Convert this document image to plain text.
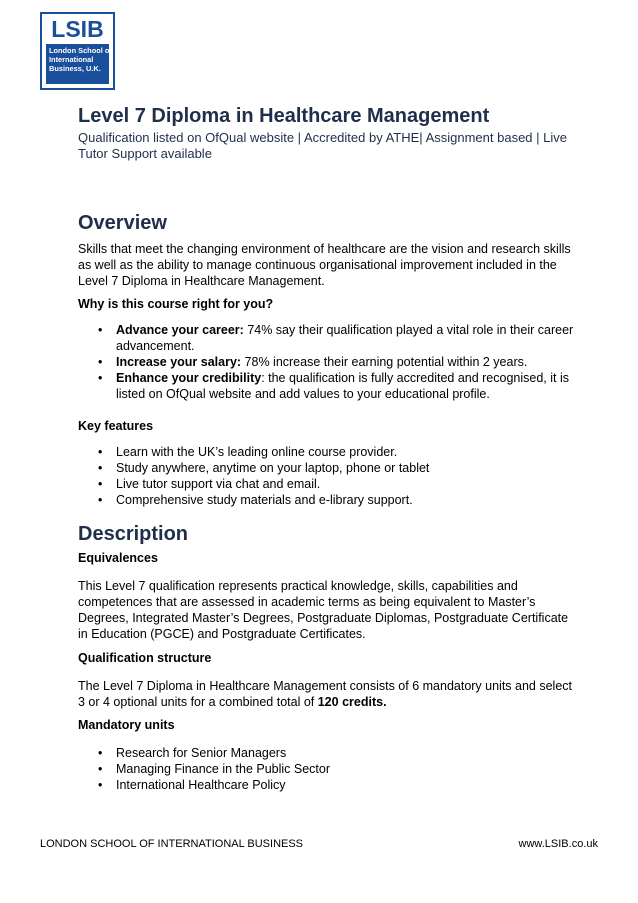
LSIB
London School of
International
Business, U.K.
Level 7 Diploma in Healthcare Management
Qualification listed on OfQual website | Accredited by ATHE| Assignment based | Live Tutor Support available
Overview

Skills that meet the changing environment of healthcare are the vision and research skills as well as the ability to manage continuous organisational improvement included in the Level 7 Diploma in Healthcare Management.

Why is this course right for you?

• Advance your career: 74% say their qualification played a vital role in their career advancement.
• Increase your salary: 78% increase their earning potential within 2 years.
• Enhance your credibility: the qualification is fully accredited and recognised, it is listed on OfQual website and add values to your educational profile.

Key features

• Learn with the UK’s leading online course provider.
• Study anywhere, anytime on your laptop, phone or tablet
• Live tutor support via chat and email.
• Comprehensive study materials and e-library support.
Description

Equivalences

This Level 7 qualification represents practical knowledge, skills, capabilities and competences that are assessed in academic terms as being equivalent to Master’s Degrees, Integrated Master’s Degrees, Postgraduate Diplomas, Postgraduate Certificate in Education (PGCE) and Postgraduate Certificates.

Qualification structure

The Level 7 Diploma in Healthcare Management consists of 6 mandatory units and select 3 or 4 optional units for a combined total of 120 credits.

Mandatory units

• Research for Senior Managers
• Managing Finance in the Public Sector
• International Healthcare Policy
LONDON SCHOOL OF INTERNATIONAL BUSINESS	www.LSIB.co.uk
